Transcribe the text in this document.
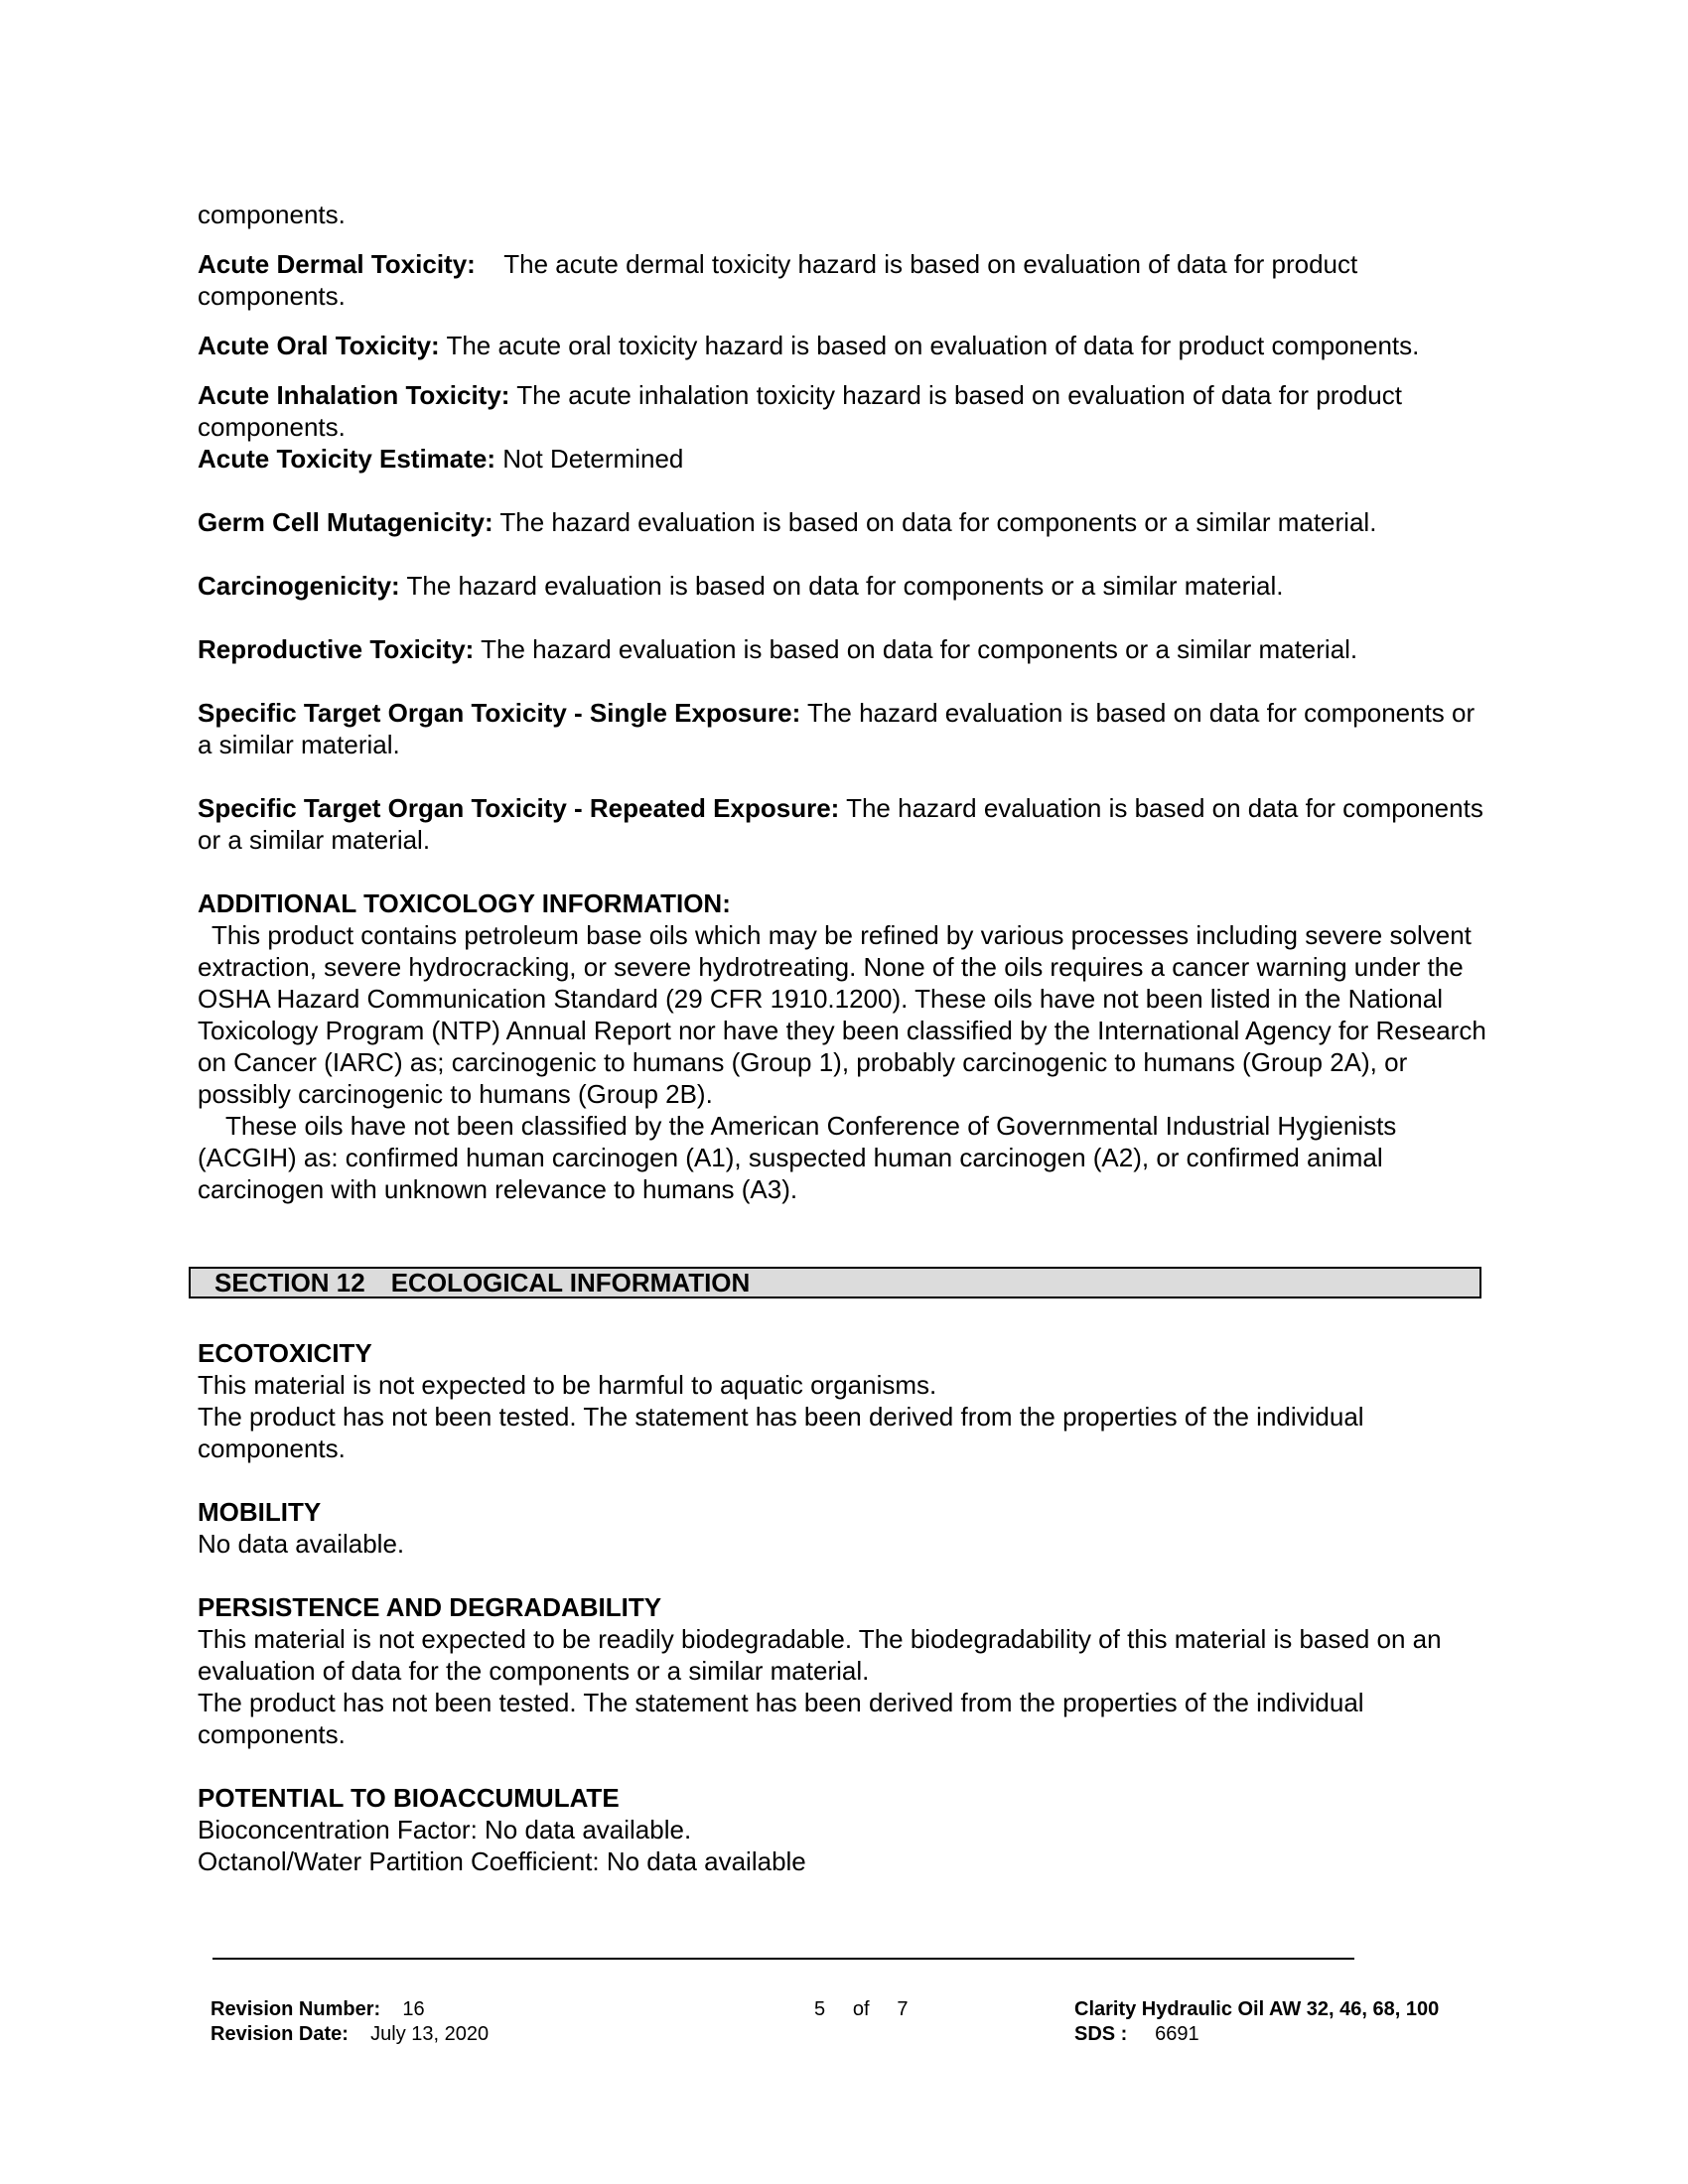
components.

Acute Dermal Toxicity: The acute dermal toxicity hazard is based on evaluation of data for product components.

Acute Oral Toxicity: The acute oral toxicity hazard is based on evaluation of data for product components.

Acute Inhalation Toxicity: The acute inhalation toxicity hazard is based on evaluation of data for product components.

Acute Toxicity Estimate: Not Determined

Germ Cell Mutagenicity: The hazard evaluation is based on data for components or a similar material.

Carcinogenicity: The hazard evaluation is based on data for components or a similar material.

Reproductive Toxicity: The hazard evaluation is based on data for components or a similar material.

Specific Target Organ Toxicity - Single Exposure: The hazard evaluation is based on data for components or a similar material.

Specific Target Organ Toxicity - Repeated Exposure: The hazard evaluation is based on data for components or a similar material.

ADDITIONAL TOXICOLOGY INFORMATION:

This product contains petroleum base oils which may be refined by various processes including severe solvent extraction, severe hydrocracking, or severe hydrotreating. None of the oils requires a cancer warning under the OSHA Hazard Communication Standard (29 CFR 1910.1200). These oils have not been listed in the National Toxicology Program (NTP) Annual Report nor have they been classified by the International Agency for Research on Cancer (IARC) as; carcinogenic to humans (Group 1), probably carcinogenic to humans (Group 2A), or possibly carcinogenic to humans (Group 2B).

These oils have not been classified by the American Conference of Governmental Industrial Hygienists (ACGIH) as: confirmed human carcinogen (A1), suspected human carcinogen (A2), or confirmed animal carcinogen with unknown relevance to humans (A3).

SECTION 12 ECOLOGICAL INFORMATION

ECOTOXICITY

This material is not expected to be harmful to aquatic organisms.

The product has not been tested. The statement has been derived from the properties of the individual components.

MOBILITY

No data available.

PERSISTENCE AND DEGRADABILITY

This material is not expected to be readily biodegradable. The biodegradability of this material is based on an evaluation of data for the components or a similar material.

The product has not been tested. The statement has been derived from the properties of the individual components.

POTENTIAL TO BIOACCUMULATE

Bioconcentration Factor: No data available.

Octanol/Water Partition Coefficient: No data available

Revision Number: 16
Revision Date: July 13, 2020
5 of 7	Clarity Hydraulic Oil AW 32, 46, 68, 100
SDS : 6691
